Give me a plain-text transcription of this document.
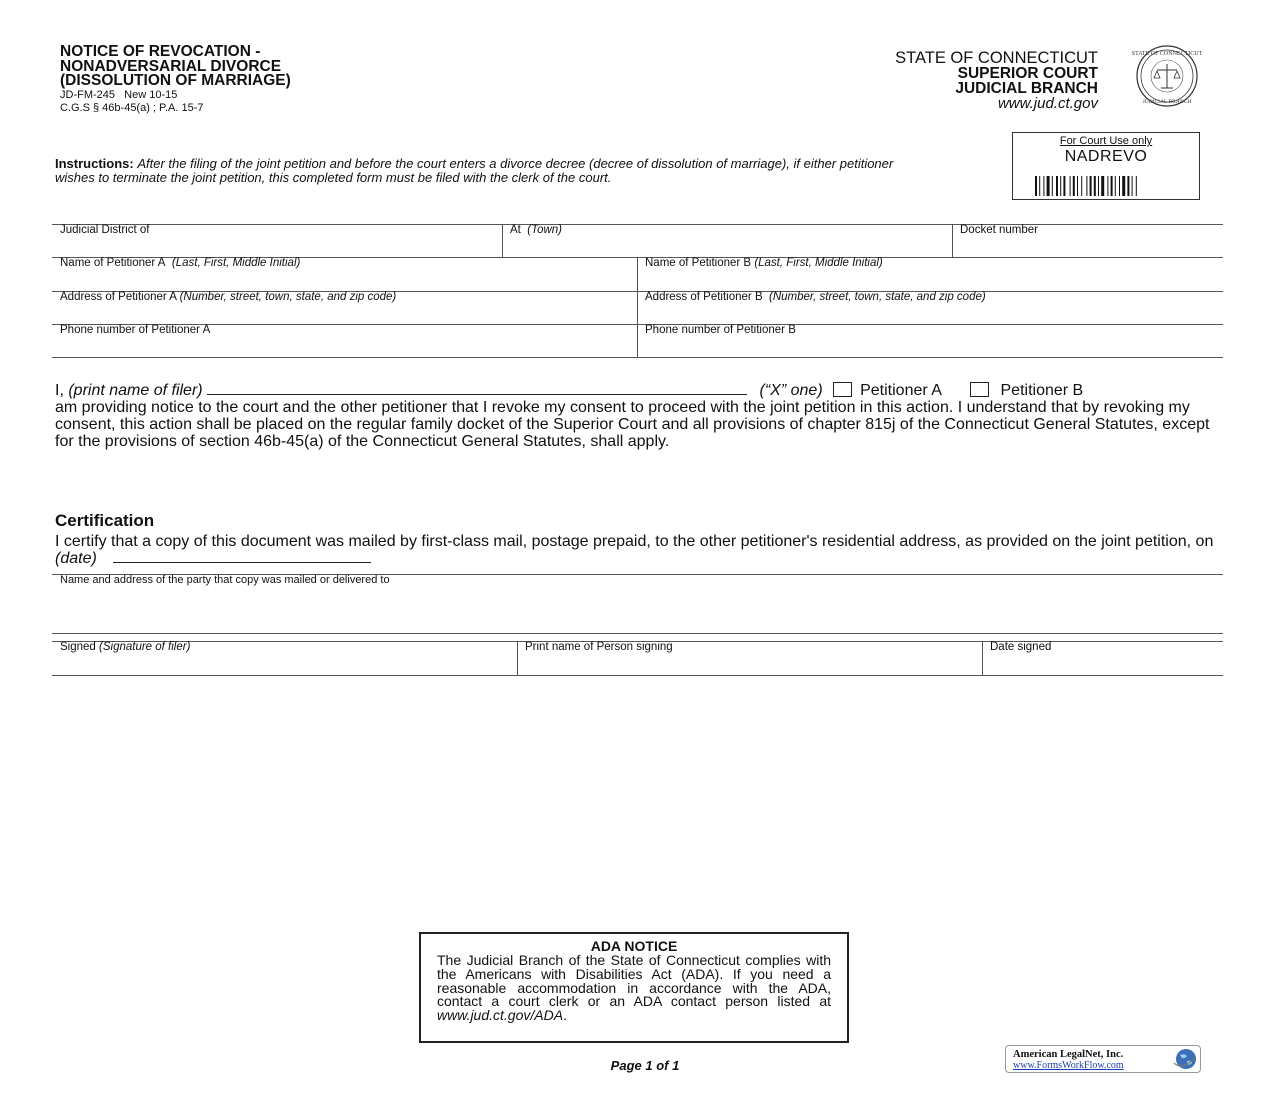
NOTICE OF REVOCATION -
NONADVERSARIAL DIVORCE
(DISSOLUTION OF MARRIAGE)
JD-FM-245   New 10-15
C.G.S § 46b-45(a) ; P.A. 15-7
STATE OF CONNECTICUT
SUPERIOR COURT
JUDICIAL BRANCH
www.jud.ct.gov
STATE OF CONNECTICUT
JUDICIAL BRANCH
For Court Use only
NADREVO
Instructions: After the filing of the joint petition and before the court enters a divorce decree (decree of dissolution of marriage), if either petitioner wishes to terminate the joint petition, this completed form must be filed with the clerk of the court.
Judicial District of	At (Town)	Docket number
Name of Petitioner A (Last, First, Middle Initial)	Name of Petitioner B (Last, First, Middle Initial)
Address of Petitioner A (Number, street, town, state, and zip code)	Address of Petitioner B (Number, street, town, state, and zip code)
Phone number of Petitioner A	Phone number of Petitioner B
I, (print name of filer)	(“X” one) Petitioner A	Petitioner B
am providing notice to the court and the other petitioner that I revoke my consent to proceed with the joint petition in this action. I understand that by revoking my consent, this action shall be placed on the regular family docket of the Superior Court and all provisions of chapter 815j of the Connecticut General Statutes, except for the provisions of section 46b-45(a) of the Connecticut General Statutes, shall apply.
Certification
I certify that a copy of this document was mailed by first-class mail, postage prepaid, to the other petitioner's residential address, as provided on the joint petition, on (date)
Name and address of the party that copy was mailed or delivered to
Signed (Signature of filer)	Print name of Person signing	Date signed
ADA NOTICE
The Judicial Branch of the State of Connecticut complies with the Americans with Disabilities Act (ADA). If you need a reasonable accommodation in accordance with the ADA, contact a court clerk or an ADA contact person listed at www.jud.ct.gov/ADA.
Page 1 of 1
American LegalNet, Inc.
www.FormsWorkFlow.com
